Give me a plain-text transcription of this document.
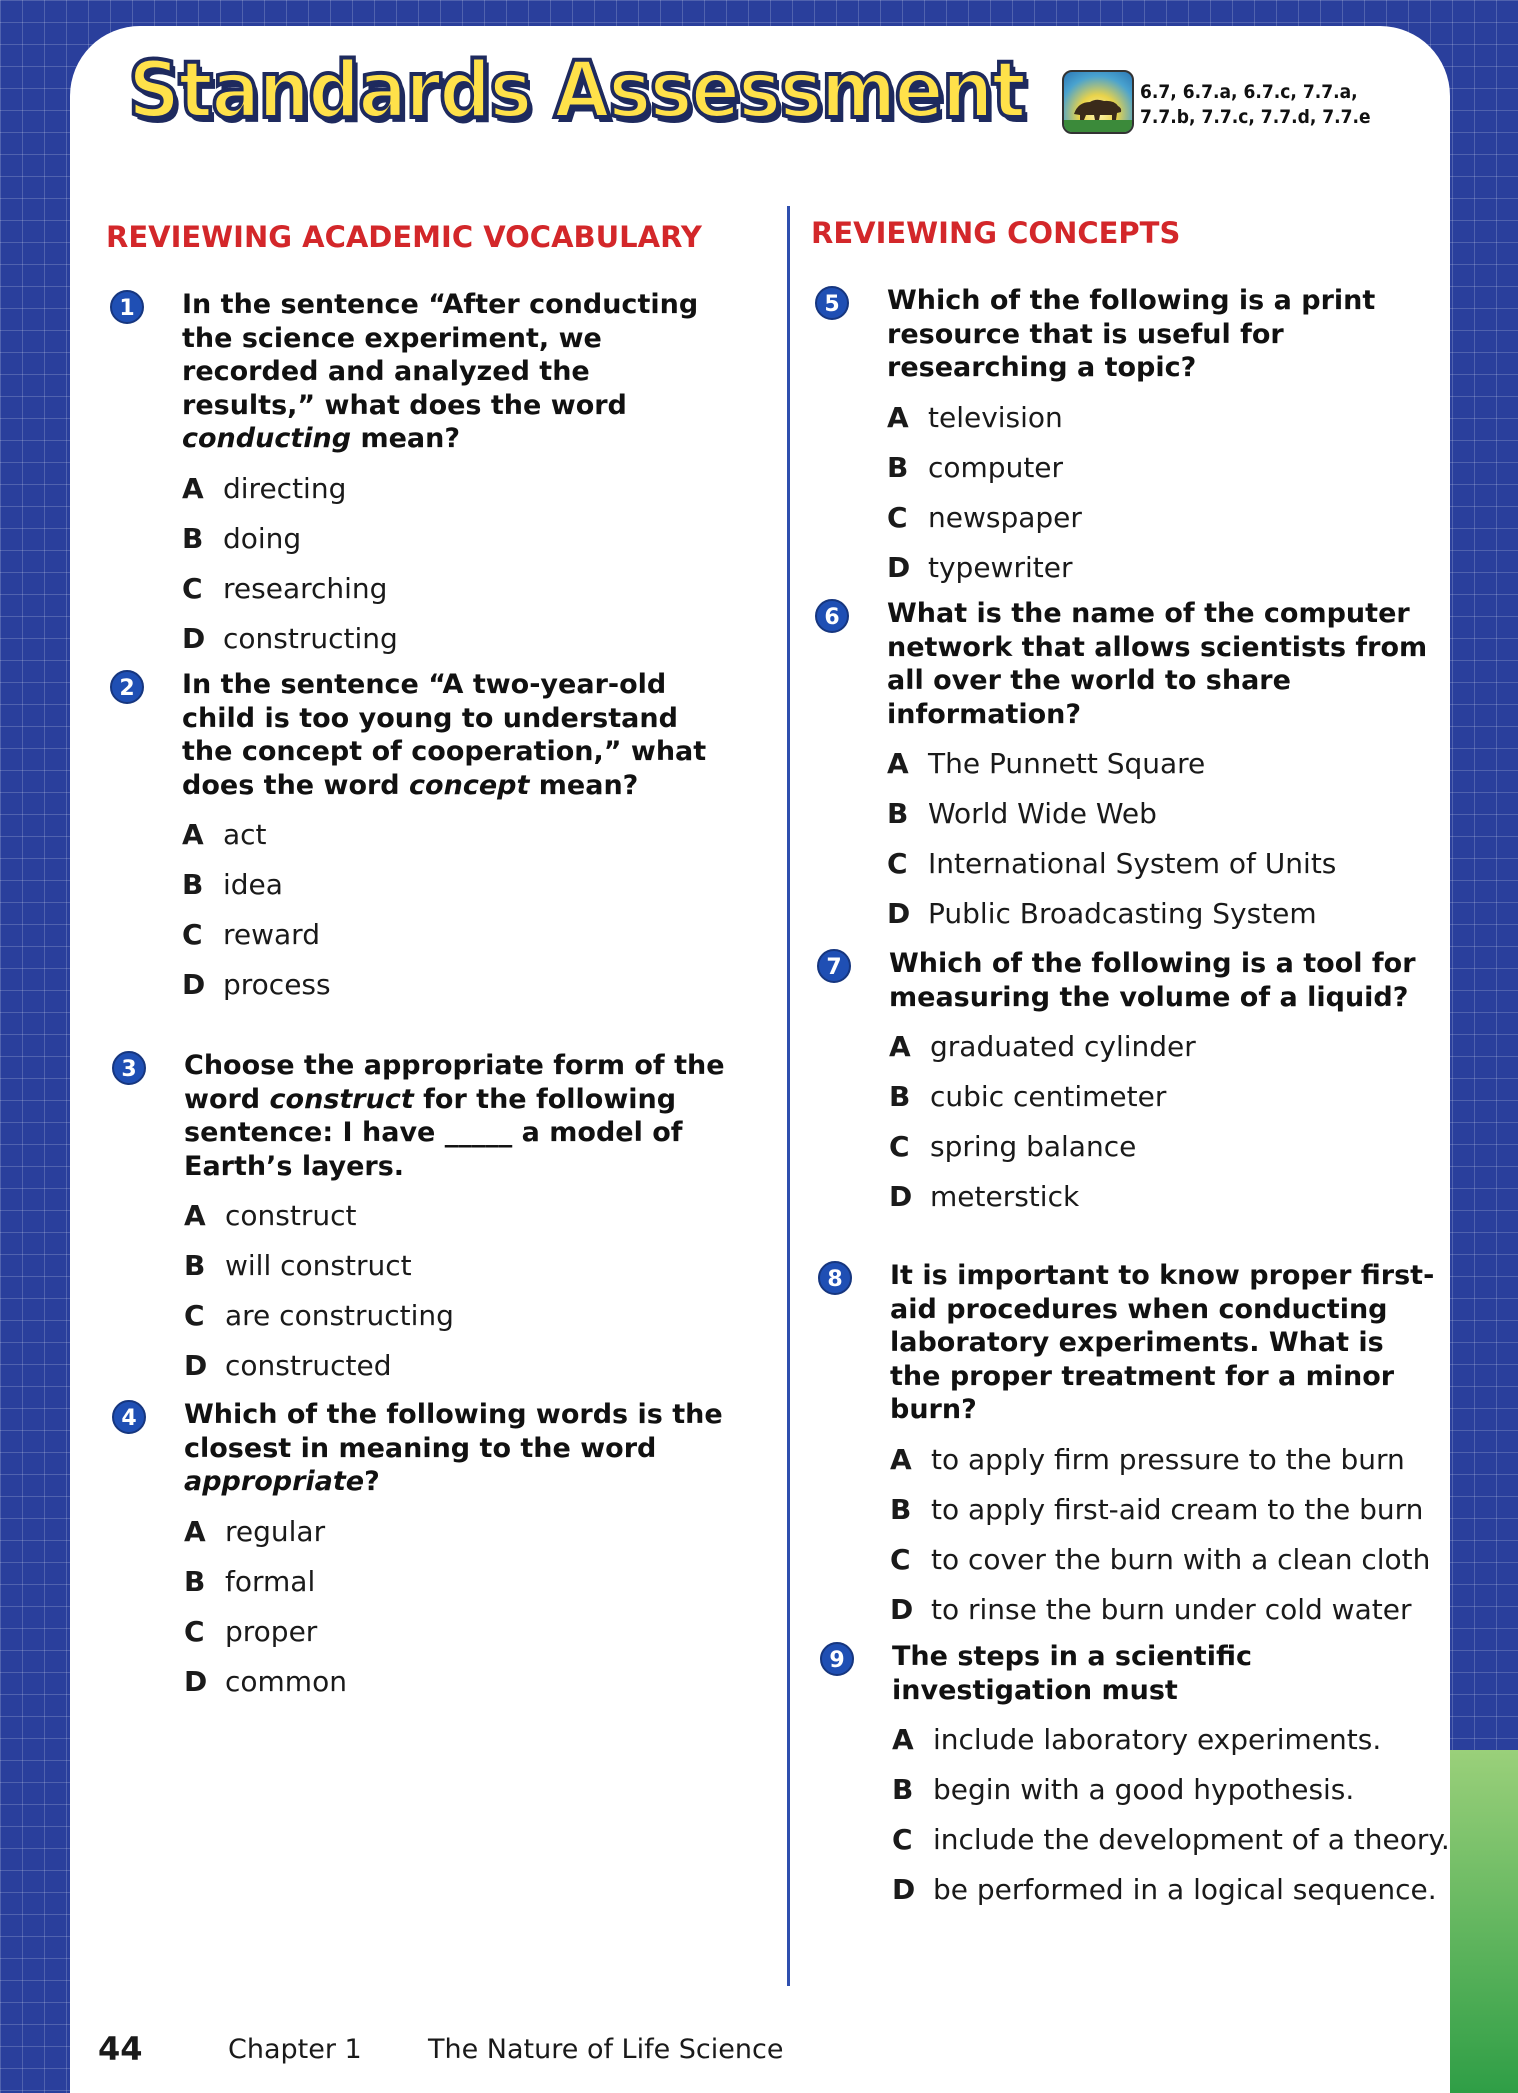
Standards Assessment	6.7, 6.7.a, 6.7.c, 7.7.a,
7.7.b, 7.7.c, 7.7.d, 7.7.e
REVIEWING ACADEMIC VOCABULARY	REVIEWING CONCEPTS
1	In the sentence “After conducting the science experiment, we recorded and analyzed the results,” what does the word conducting mean?
A directing
B doing
C researching
D constructing
2	In the sentence “A two-year-old child is too young to understand the concept of cooperation,” what does the word concept mean?
A act
B idea
C reward
D process
3	Choose the appropriate form of the word construct for the following sentence: I have _____ a model of Earth’s layers.
A construct
B will construct
C are constructing
D constructed
4	Which of the following words is the closest in meaning to the word appropriate?
A regular
B formal
C proper
D common
5	Which of the following is a print resource that is useful for researching a topic?
A television
B computer
C newspaper
D typewriter
6	What is the name of the computer network that allows scientists from all over the world to share information?
A The Punnett Square
B World Wide Web
C International System of Units
D Public Broadcasting System
7	Which of the following is a tool for measuring the volume of a liquid?
A graduated cylinder
B cubic centimeter
C spring balance
D meterstick
8	It is important to know proper first-aid procedures when conducting laboratory experiments. What is the proper treatment for a minor burn?
A to apply firm pressure to the burn
B to apply first-aid cream to the burn
C to cover the burn with a clean cloth
D to rinse the burn under cold water
9	The steps in a scientific investigation must
A include laboratory experiments.
B begin with a good hypothesis.
C include the development of a theory.
D be performed in a logical sequence.
44	Chapter 1 The Nature of Life Science
